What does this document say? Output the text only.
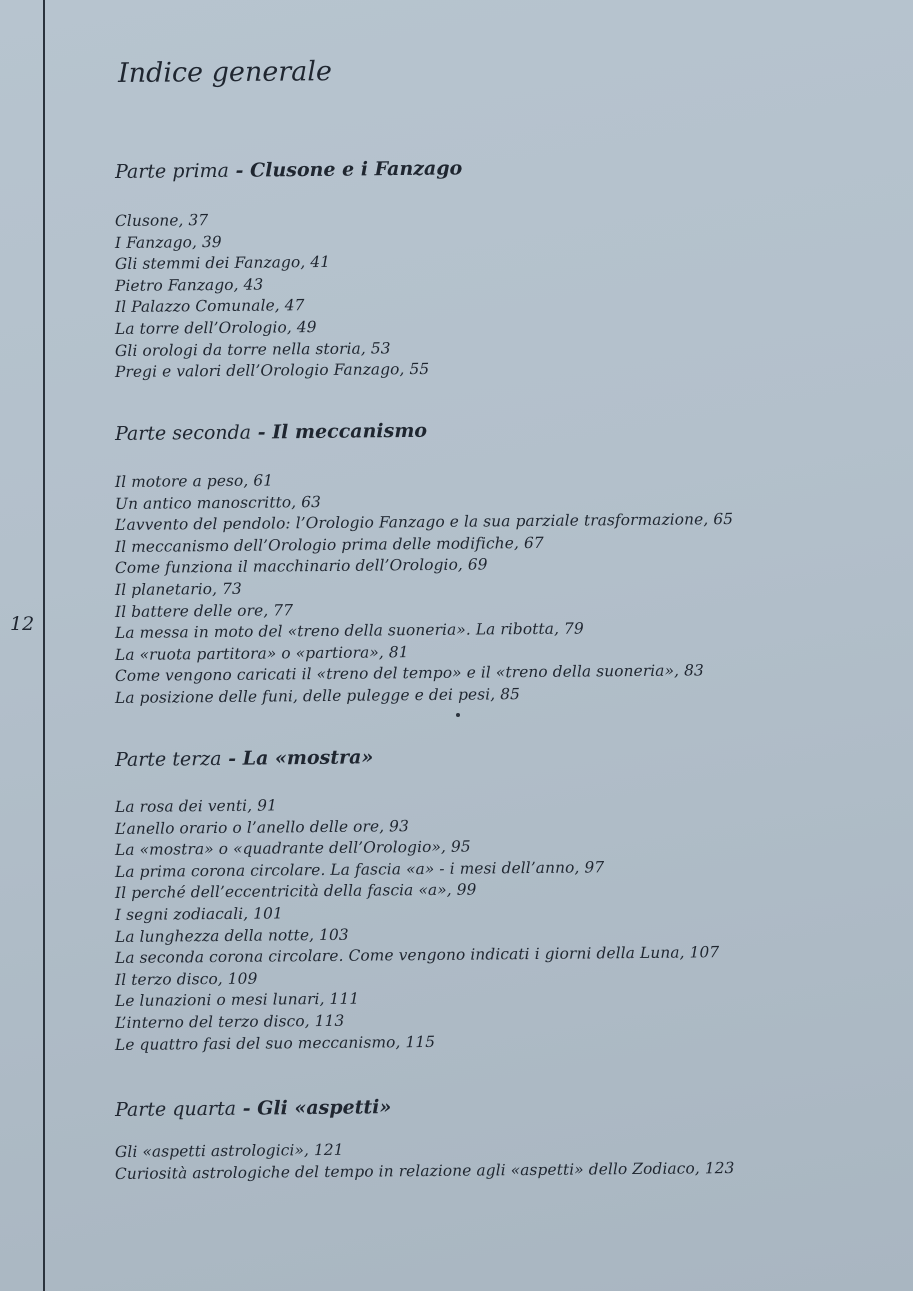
12
Indice generale
Parte prima - Clusone e i Fanzago
Clusone, 37
I Fanzago, 39
Gli stemmi dei Fanzago, 41
Pietro Fanzago, 43
Il Palazzo Comunale, 47
La torre dell’Orologio, 49
Gli orologi da torre nella storia, 53
Pregi e valori dell’Orologio Fanzago, 55
Parte seconda - Il meccanismo
Il motore a peso, 61
Un antico manoscritto, 63
L’avvento del pendolo: l’Orologio Fanzago e la sua parziale trasformazione, 65
Il meccanismo dell’Orologio prima delle modifiche, 67
Come funziona il macchinario dell’Orologio, 69
Il planetario, 73
Il battere delle ore, 77
La messa in moto del «treno della suoneria». La ribotta, 79
La «ruota partitora» o «partiora», 81
Come vengono caricati il «treno del tempo» e il «treno della suoneria», 83
La posizione delle funi, delle pulegge e dei pesi, 85
Parte terza - La «mostra»
La rosa dei venti, 91
L’anello orario o l’anello delle ore, 93
La «mostra» o «quadrante dell’Orologio», 95
La prima corona circolare. La fascia «a» - i mesi dell’anno, 97
Il perché dell’eccentricità della fascia «a», 99
I segni zodiacali, 101
La lunghezza della notte, 103
La seconda corona circolare. Come vengono indicati i giorni della Luna, 107
Il terzo disco, 109
Le lunazioni o mesi lunari, 111
L’interno del terzo disco, 113
Le quattro fasi del suo meccanismo, 115
Parte quarta - Gli «aspetti»
Gli «aspetti astrologici», 121
Curiosità astrologiche del tempo in relazione agli «aspetti» dello Zodiaco, 123
